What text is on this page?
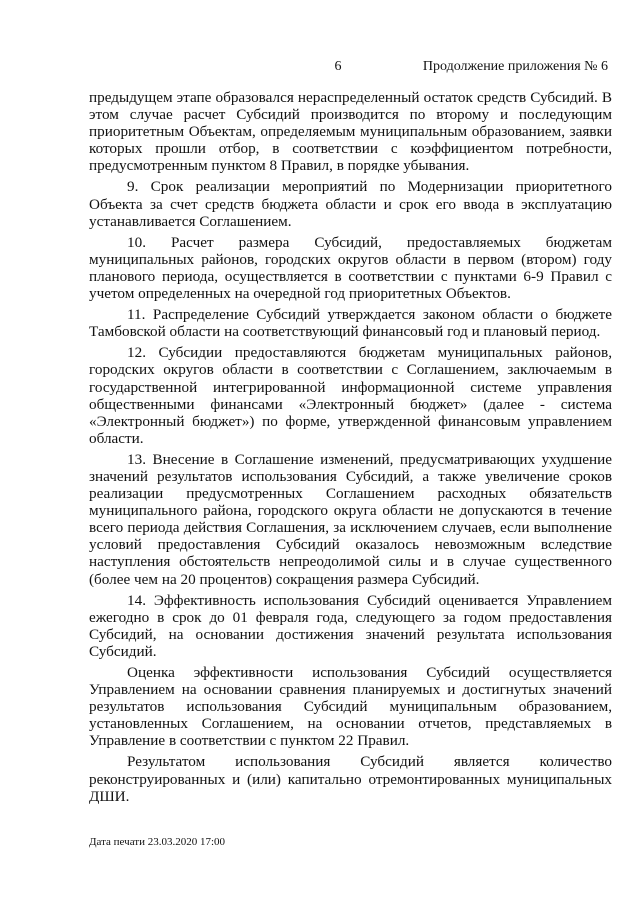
6	Продолжение приложения № 6

предыдущем этапе образовался нераспределенный остаток средств Субсидий. В этом случае расчет Субсидий производится по второму и последующим приоритетным Объектам, определяемым муниципальным образованием, заявки которых прошли отбор, в соответствии с коэффициентом потребности, предусмотренным пунктом 8 Правил, в порядке убывания.

9. Срок реализации мероприятий по Модернизации приоритетного Объекта за счет средств бюджета области и срок его ввода в эксплуатацию устанавливается Соглашением.

10. Расчет размера Субсидий, предоставляемых бюджетам муниципальных районов, городских округов области в первом (втором) году планового периода, осуществляется в соответствии с пунктами 6-9 Правил с учетом определенных на очередной год приоритетных Объектов.

11. Распределение Субсидий утверждается законом области о бюджете Тамбовской области на соответствующий финансовый год и плановый период.

12. Субсидии предоставляются бюджетам муниципальных районов, городских округов области в соответствии с Соглашением, заключаемым в государственной интегрированной информационной системе управления общественными финансами «Электронный бюджет» (далее - система «Электронный бюджет») по форме, утвержденной финансовым управлением области.

13. Внесение в Соглашение изменений, предусматривающих ухудшение значений результатов использования Субсидий, а также увеличение сроков реализации предусмотренных Соглашением расходных обязательств муниципального района, городского округа области не допускаются в течение всего периода действия Соглашения, за исключением случаев, если выполнение условий предоставления Субсидий оказалось невозможным вследствие наступления обстоятельств непреодолимой силы и в случае существенного (более чем на 20 процентов) сокращения размера Субсидий.

14. Эффективность использования Субсидий оценивается Управлением ежегодно в срок до 01 февраля года, следующего за годом предоставления Субсидий, на основании достижения значений результата использования Субсидий.

Оценка эффективности использования Субсидий осуществляется Управлением на основании сравнения планируемых и достигнутых значений результатов использования Субсидий муниципальным образованием, установленных Соглашением, на основании отчетов, представляемых в Управление в соответствии с пунктом 22 Правил.

Результатом использования Субсидий является количество реконструированных и (или) капитально отремонтированных муниципальных ДШИ.

Дата печати 23.03.2020 17:00
